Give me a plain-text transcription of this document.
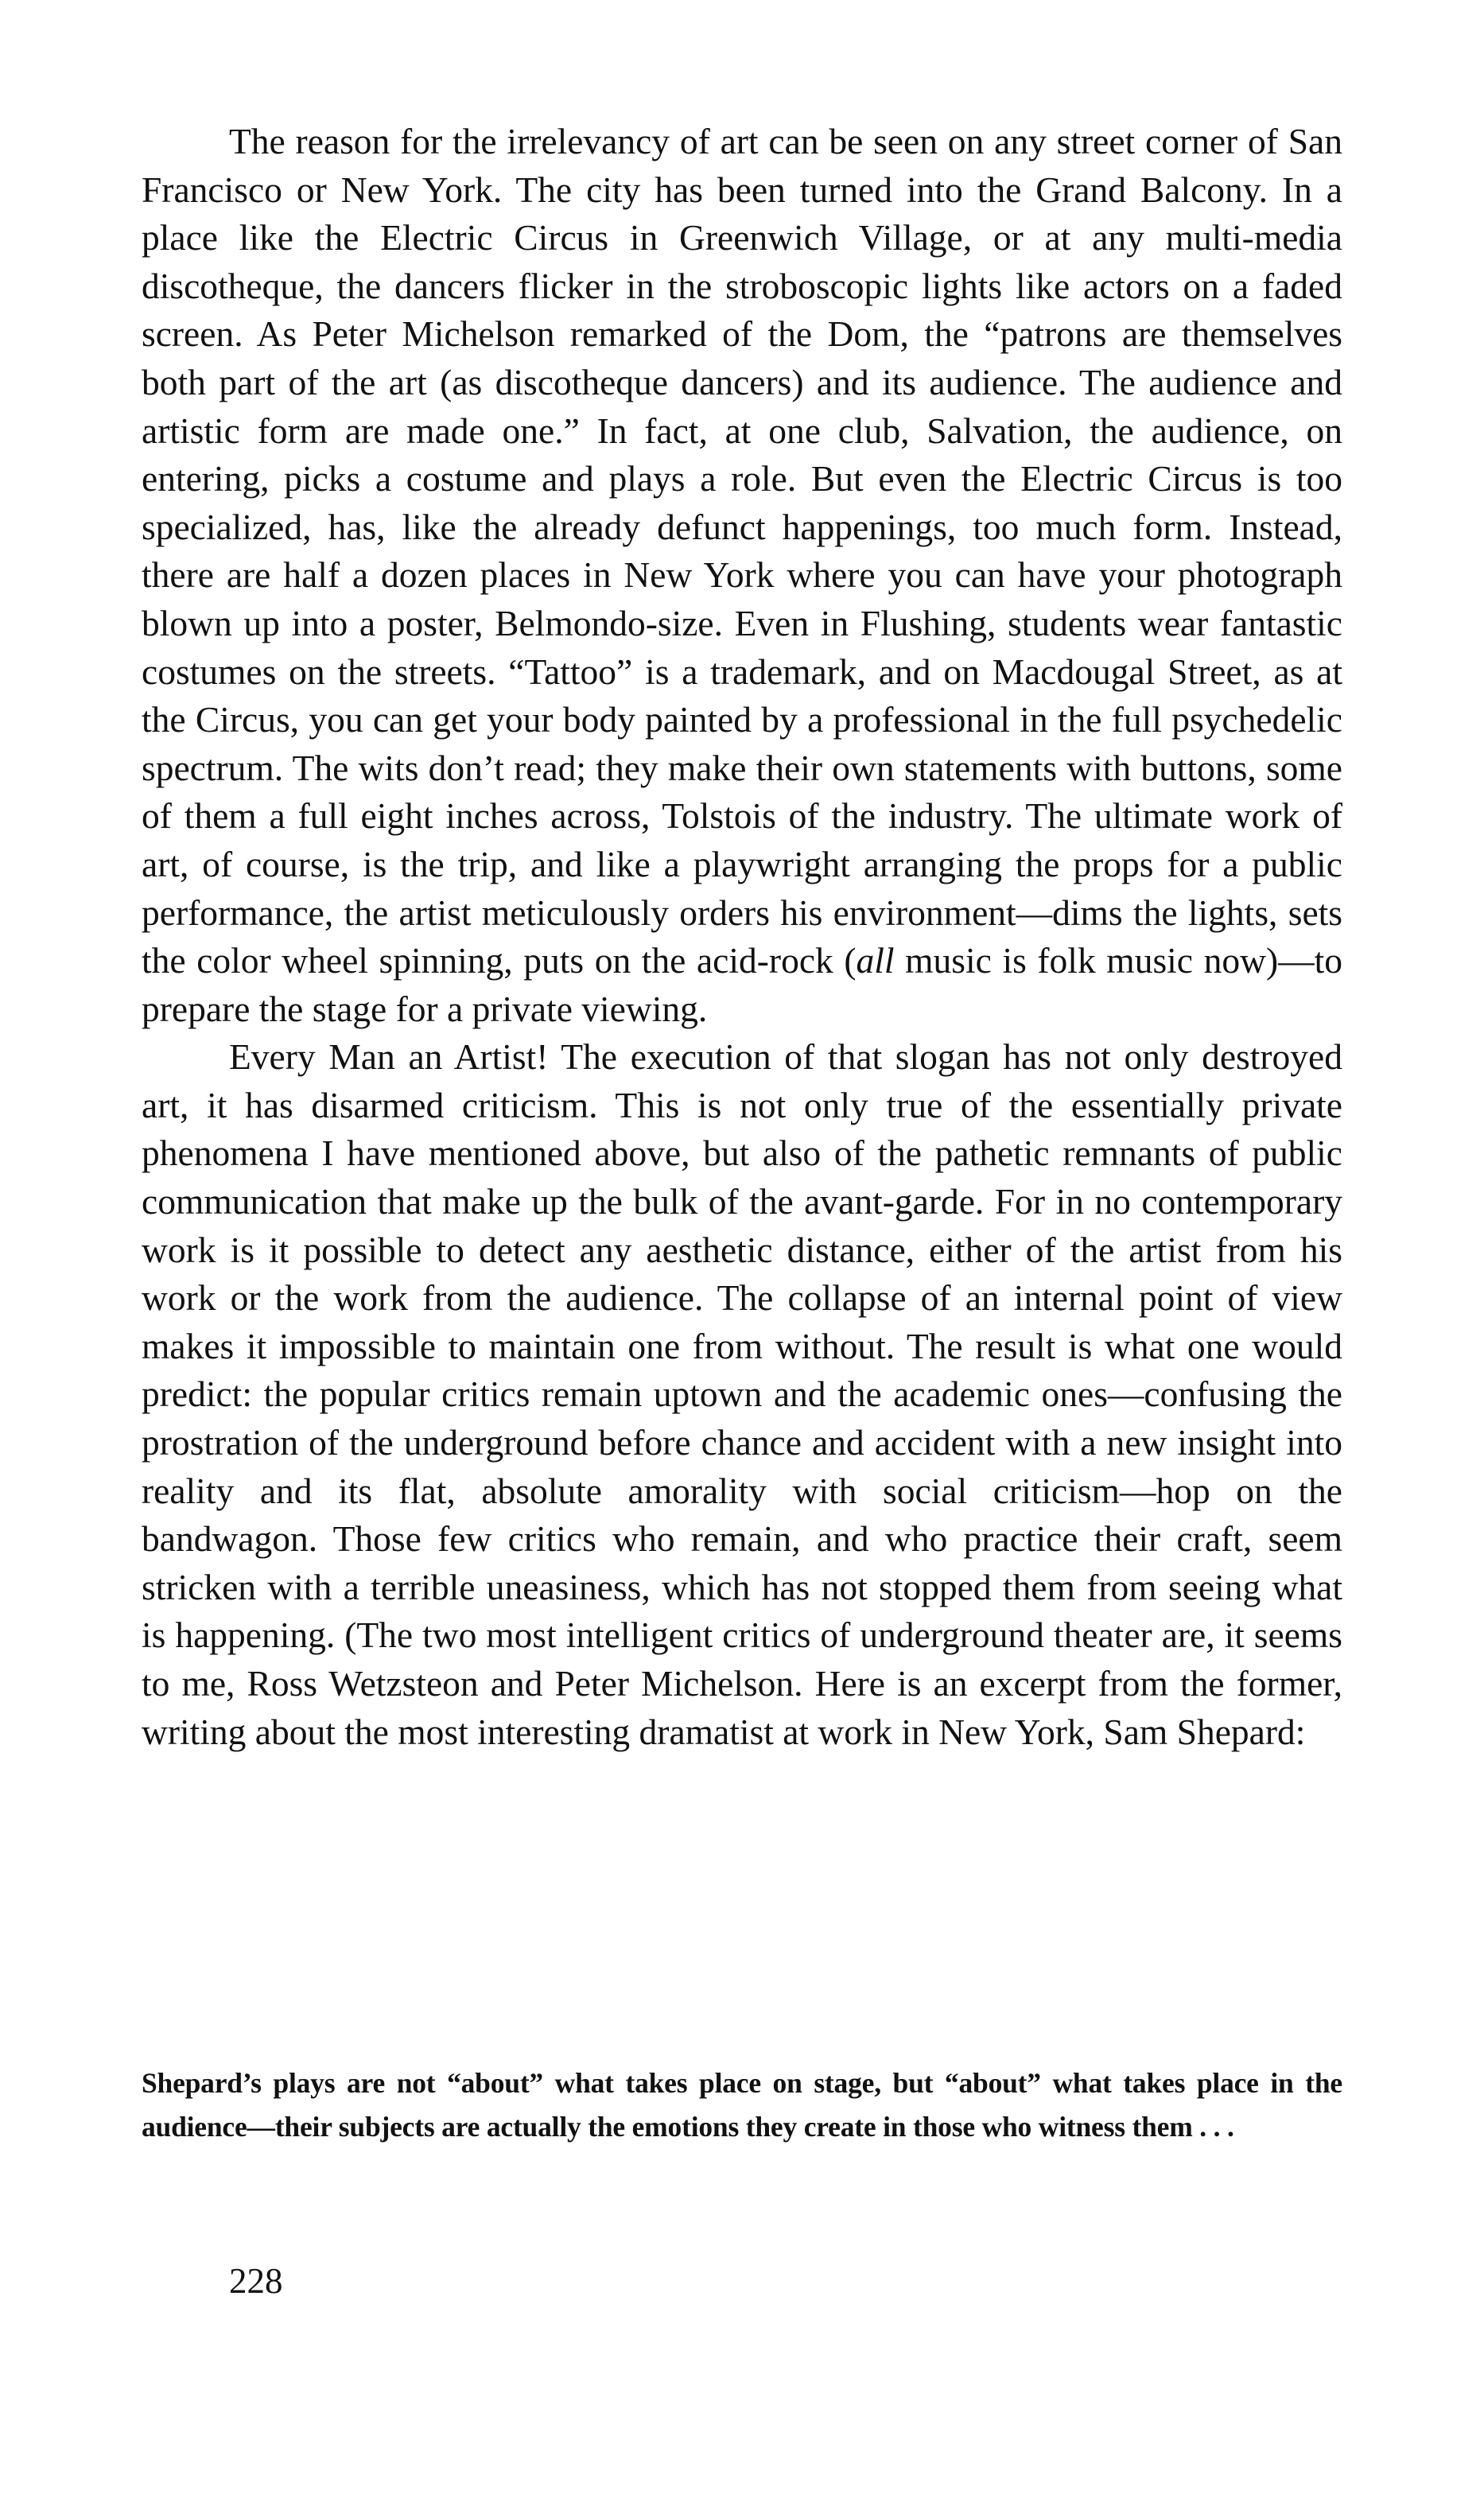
The reason for the irrelevancy of art can be seen on any street corner of San Francisco or New York. The city has been turned into the Grand Balcony. In a place like the Electric Circus in Greenwich Village, or at any multi-media discotheque, the dancers flicker in the stroboscopic lights like actors on a faded screen. As Peter Michelson remarked of the Dom, the “patrons are themselves both part of the art (as discotheque dancers) and its audience. The audience and artistic form are made one.” In fact, at one club, Salvation, the audience, on entering, picks a costume and plays a role. But even the Electric Circus is too specialized, has, like the already defunct happenings, too much form. Instead, there are half a dozen places in New York where you can have your photograph blown up into a poster, Belmondo-size. Even in Flushing, students wear fantastic costumes on the streets. “Tattoo” is a trademark, and on Macdougal Street, as at the Circus, you can get your body painted by a professional in the full psychedelic spectrum. The wits don’t read; they make their own statements with buttons, some of them a full eight inches across, Tolstois of the industry. The ultimate work of art, of course, is the trip, and like a playwright arranging the props for a public performance, the artist meticulously orders his environment—dims the lights, sets the color wheel spinning, puts on the acid-rock (all music is folk music now)—to prepare the stage for a private viewing.

Every Man an Artist! The execution of that slogan has not only destroyed art, it has disarmed criticism. This is not only true of the essentially private phenomena I have mentioned above, but also of the pathetic remnants of public communication that make up the bulk of the avant-garde. For in no contemporary work is it possible to detect any aesthetic distance, either of the artist from his work or the work from the audience. The collapse of an internal point of view makes it impossible to maintain one from without. The result is what one would predict: the popular critics remain uptown and the academic ones—confusing the prostration of the underground before chance and accident with a new insight into reality and its flat, absolute amorality with social criticism—hop on the bandwagon. Those few critics who remain, and who practice their craft, seem stricken with a terrible uneasiness, which has not stopped them from seeing what is happening. (The two most intelligent critics of underground theater are, it seems to me, Ross Wetzsteon and Peter Michelson. Here is an excerpt from the former, writing about the most interesting dramatist at work in New York, Sam Shepard:

Shepard’s plays are not “about” what takes place on stage, but “about” what takes place in the audience—their subjects are actually the emotions they create in those who witness them . . .

228
